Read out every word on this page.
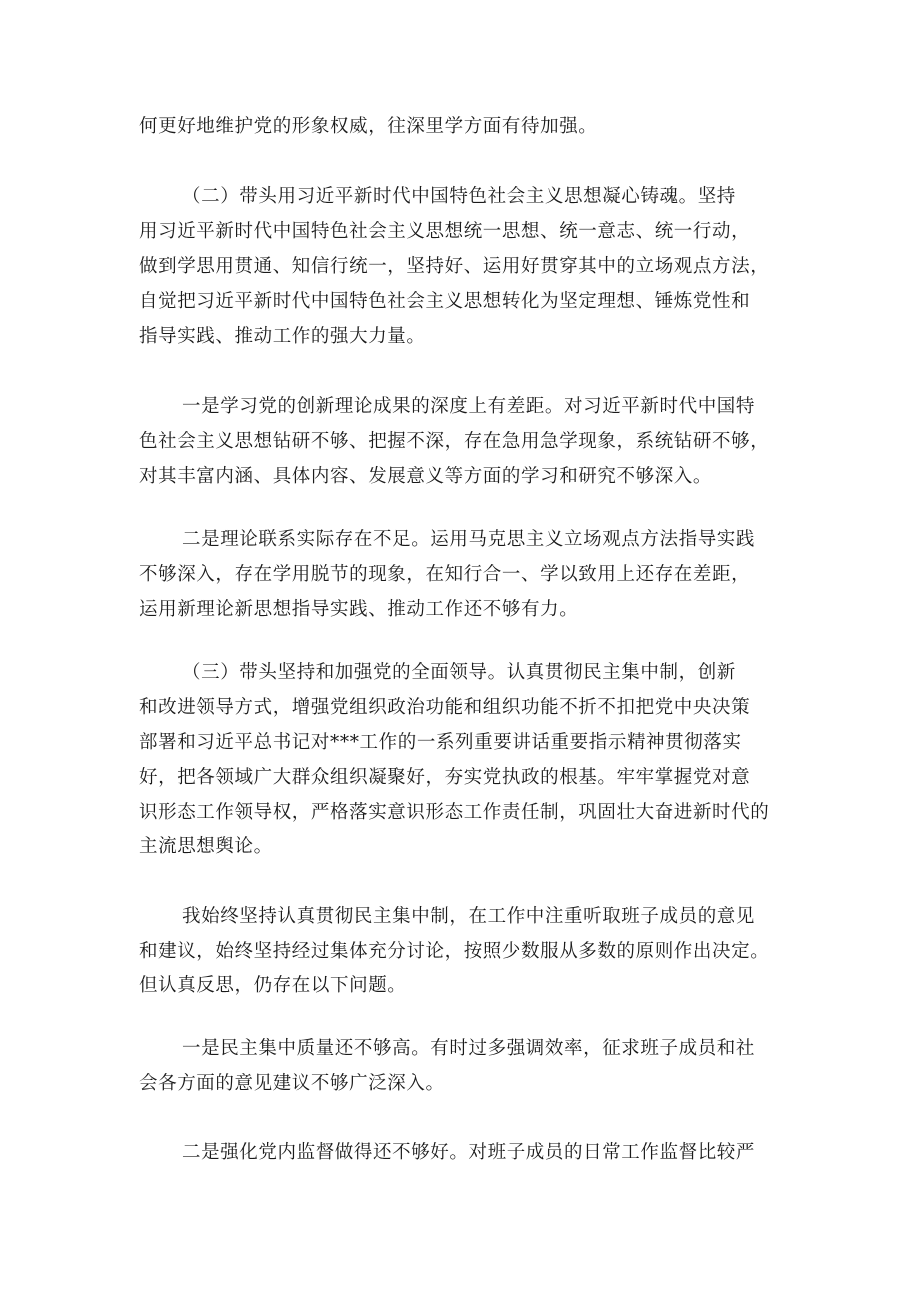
何更好地维护党的形象权威，往深里学方面有待加强。
（二）带头用习近平新时代中国特色社会主义思想凝心铸魂。坚持
用习近平新时代中国特色社会主义思想统一思想、统一意志、统一行动，
做到学思用贯通、知信行统一，坚持好、运用好贯穿其中的立场观点方法，
自觉把习近平新时代中国特色社会主义思想转化为坚定理想、锤炼党性和
指导实践、推动工作的强大力量。
一是学习党的创新理论成果的深度上有差距。对习近平新时代中国特
色社会主义思想钻研不够、把握不深，存在急用急学现象，系统钻研不够，
对其丰富内涵、具体内容、发展意义等方面的学习和研究不够深入。
二是理论联系实际存在不足。运用马克思主义立场观点方法指导实践
不够深入，存在学用脱节的现象，在知行合一、学以致用上还存在差距，
运用新理论新思想指导实践、推动工作还不够有力。
（三）带头坚持和加强党的全面领导。认真贯彻民主集中制，创新
和改进领导方式，增强党组织政治功能和组织功能不折不扣把党中央决策
部署和习近平总书记对***工作的一系列重要讲话重要指示精神贯彻落实
好，把各领域广大群众组织凝聚好，夯实党执政的根基。牢牢掌握党对意
识形态工作领导权，严格落实意识形态工作责任制，巩固壮大奋进新时代的
主流思想舆论。
我始终坚持认真贯彻民主集中制，在工作中注重听取班子成员的意见
和建议，始终坚持经过集体充分讨论，按照少数服从多数的原则作出决定。
但认真反思，仍存在以下问题。
一是民主集中质量还不够高。有时过多强调效率，征求班子成员和社
会各方面的意见建议不够广泛深入。
二是强化党内监督做得还不够好。对班子成员的日常工作监督比较严
